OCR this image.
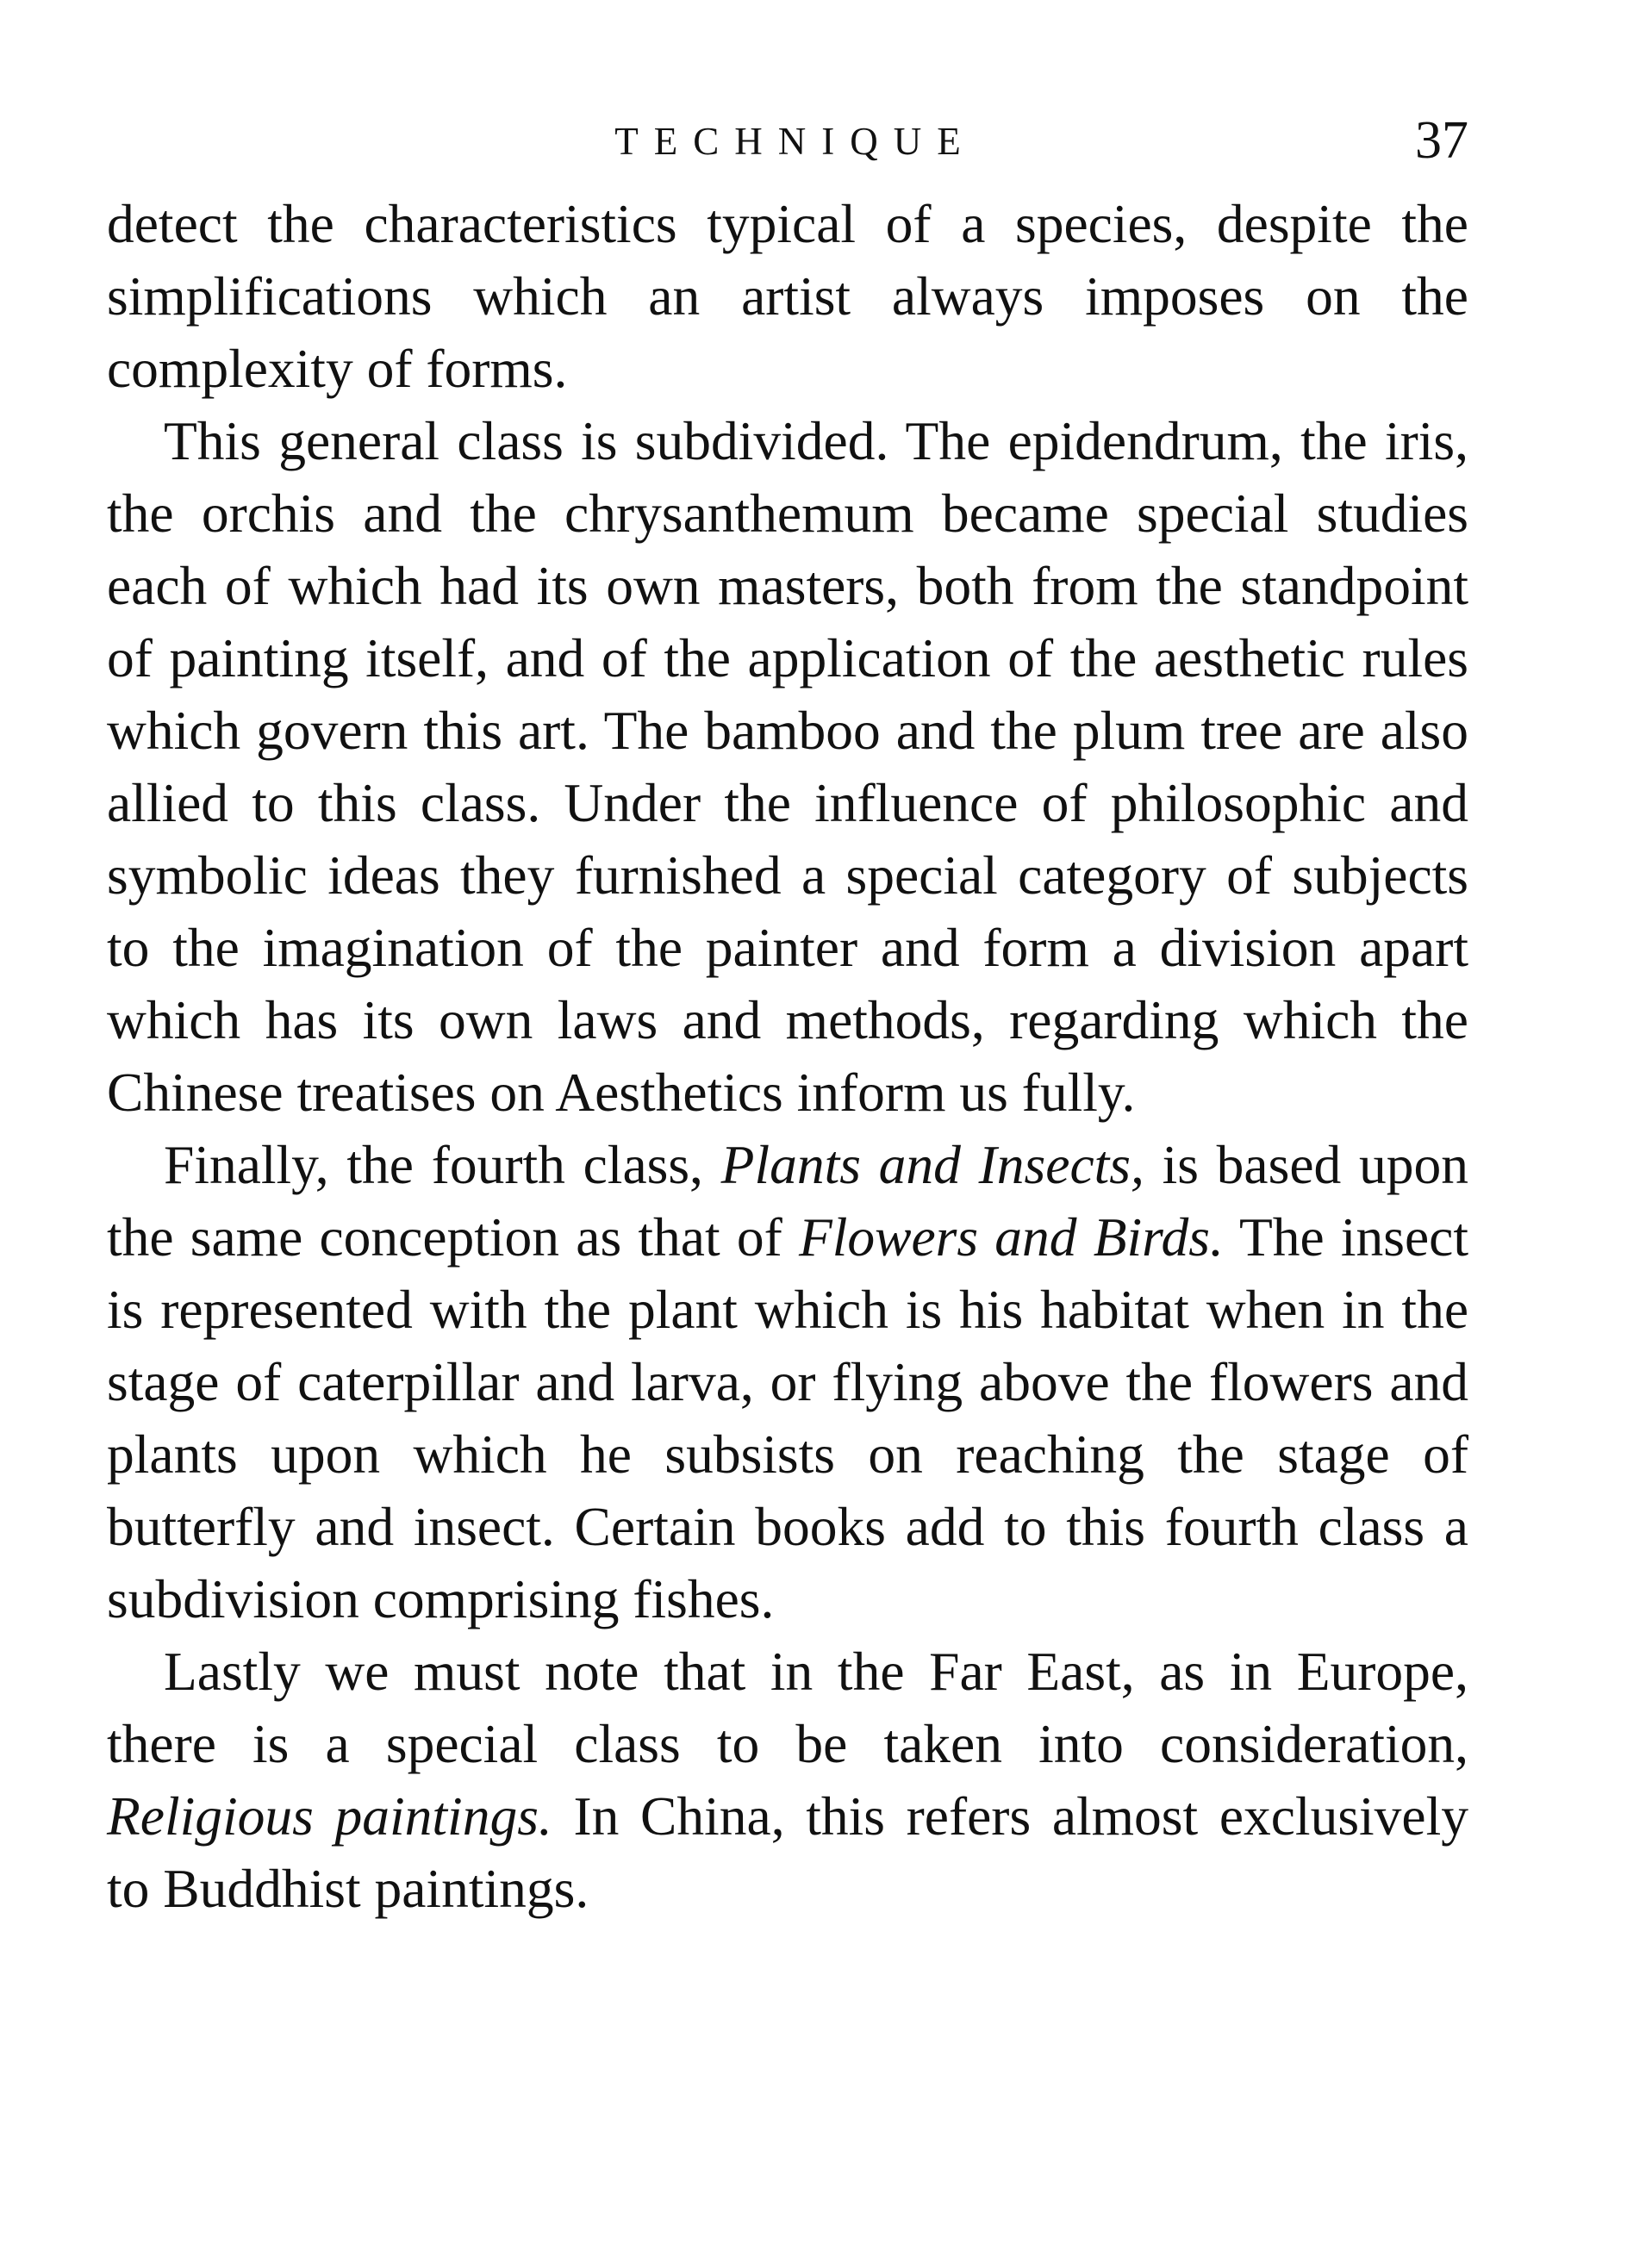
TECHNIQUE	37

detect the characteristics typical of a species, despite the simplifications which an artist always imposes on the complexity of forms.

This general class is subdivided. The epidendrum, the iris, the orchis and the chrysanthemum became special studies each of which had its own masters, both from the standpoint of painting itself, and of the application of the aesthetic rules which govern this art. The bamboo and the plum tree are also allied to this class. Under the influence of philosophic and symbolic ideas they furnished a special category of subjects to the imagination of the painter and form a division apart which has its own laws and methods, regarding which the Chinese treatises on Aesthetics inform us fully.

Finally, the fourth class, Plants and Insects, is based upon the same conception as that of Flowers and Birds. The insect is represented with the plant which is his habitat when in the stage of caterpillar and larva, or flying above the flowers and plants upon which he subsists on reaching the stage of butterfly and insect. Certain books add to this fourth class a subdivision comprising fishes.

Lastly we must note that in the Far East, as in Europe, there is a special class to be taken into consideration, Religious paintings. In China, this refers almost exclusively to Buddhist paintings.
